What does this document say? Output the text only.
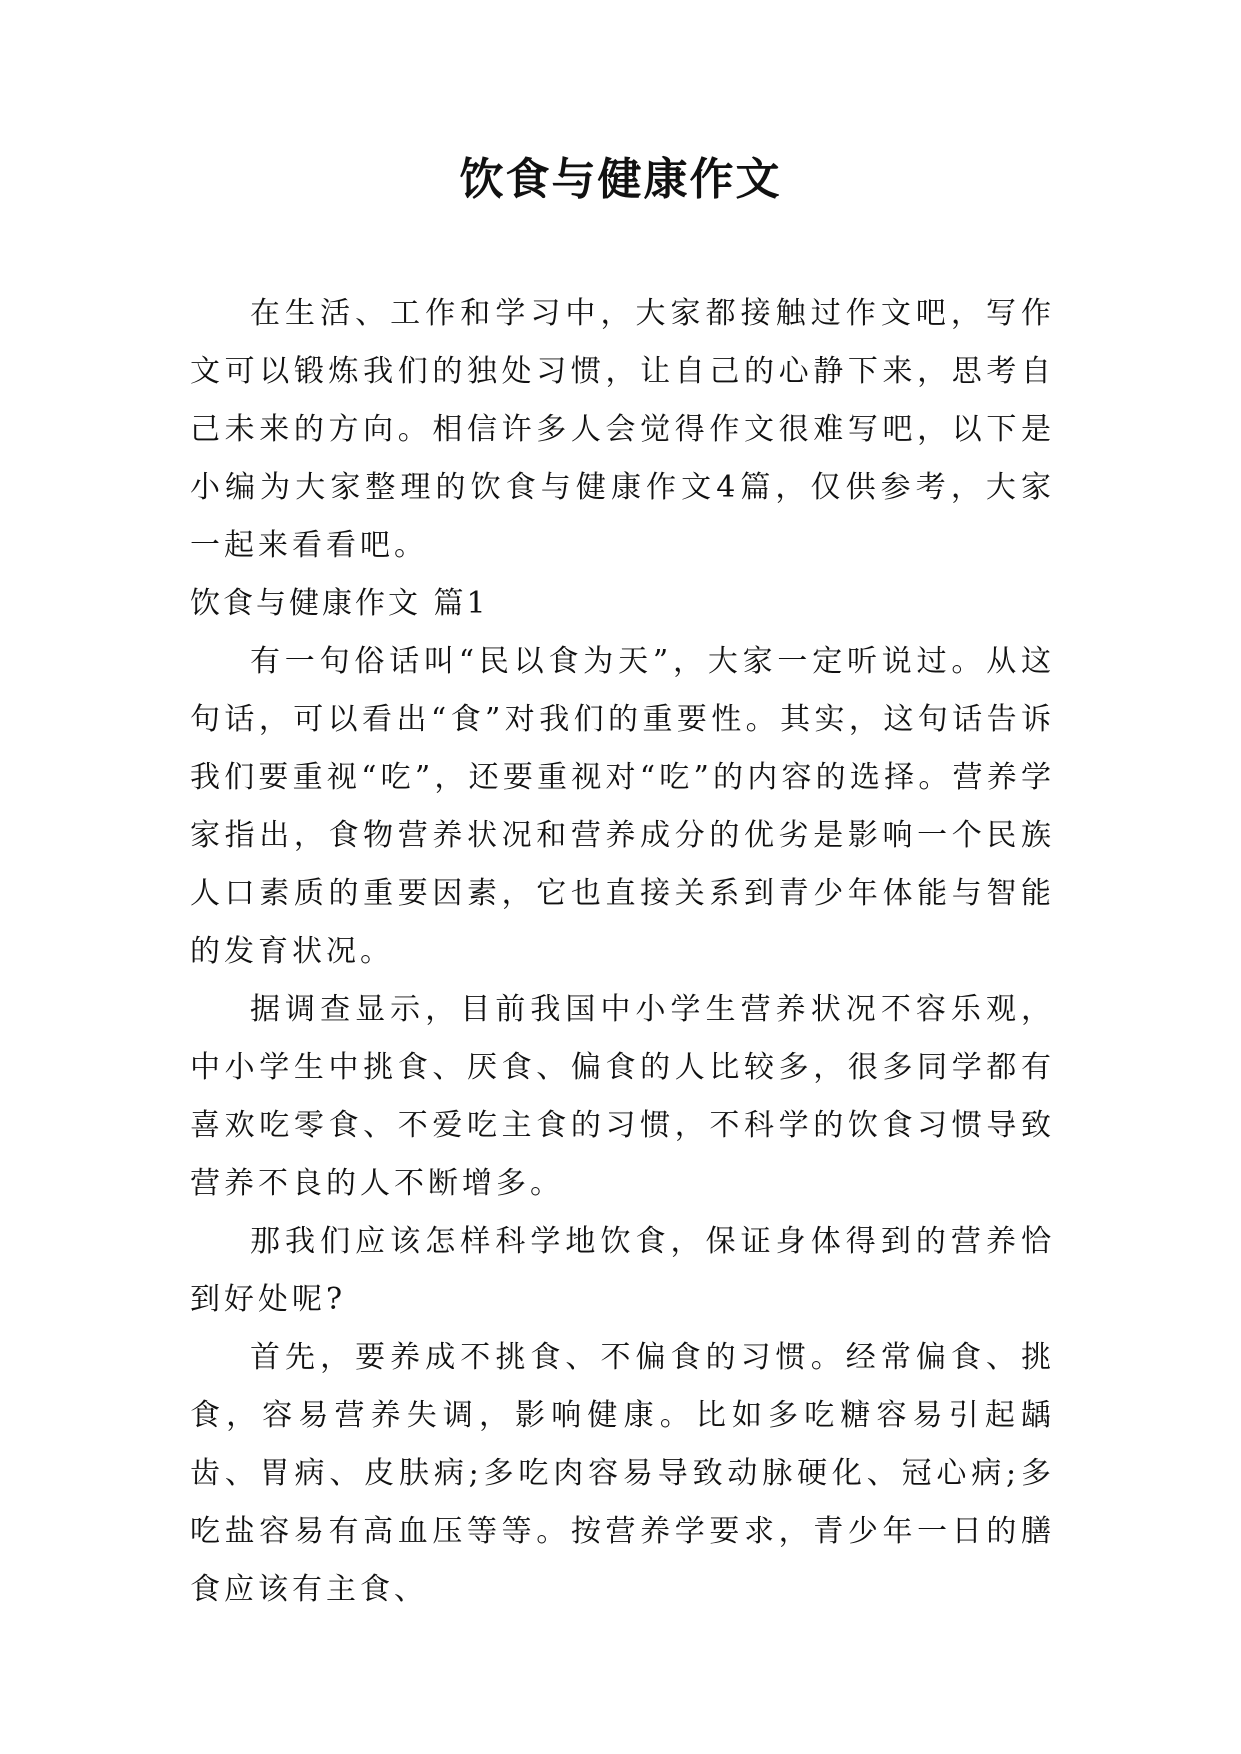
饮食与健康作文

在生活、工作和学习中，大家都接触过作文吧，写作文可以锻炼我们的独处习惯，让自己的心静下来，思考自己未来的方向。相信许多人会觉得作文很难写吧，以下是小编为大家整理的饮食与健康作文4篇，仅供参考，大家一起来看看吧。

饮食与健康作文 篇1

有一句俗话叫“民以食为天”，大家一定听说过。从这句话，可以看出“食”对我们的重要性。其实，这句话告诉我们要重视“吃”，还要重视对“吃”的内容的选择。营养学家指出，食物营养状况和营养成分的优劣是影响一个民族人口素质的重要因素，它也直接关系到青少年体能与智能的发育状况。

据调查显示，目前我国中小学生营养状况不容乐观，中小学生中挑食、厌食、偏食的人比较多，很多同学都有喜欢吃零食、不爱吃主食的习惯，不科学的饮食习惯导致营养不良的人不断增多。

那我们应该怎样科学地饮食，保证身体得到的营养恰到好处呢?

首先，要养成不挑食、不偏食的习惯。经常偏食、挑食，容易营养失调，影响健康。比如多吃糖容易引起龋齿、胃病、皮肤病;多吃肉容易导致动脉硬化、冠心病;多吃盐容易有高血压等等。按营养学要求，青少年一日的膳食应该有主食、
